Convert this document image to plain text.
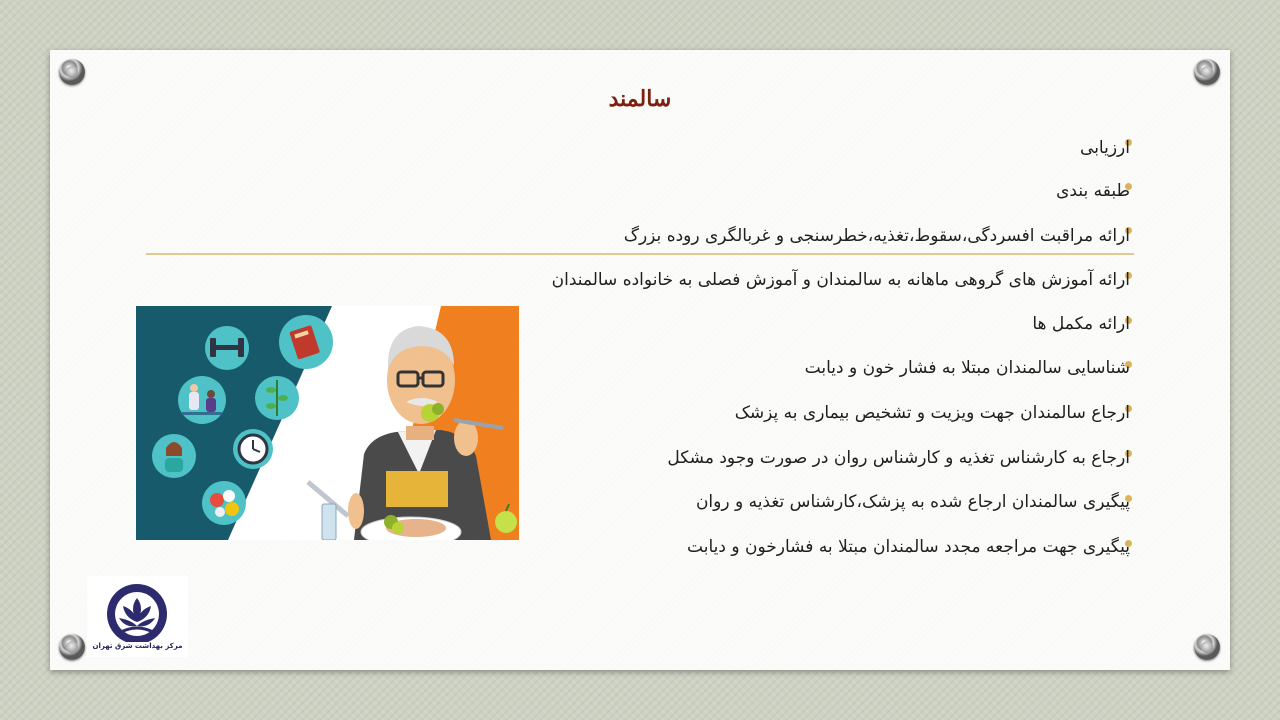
سالمند
ارزیابی
طبقه بندی
ارائه مراقبت افسردگی،سقوط،تغذیه،خطرسنجی و غربالگری روده بزرگ
ارائه آموزش های گروهی ماهانه به سالمندان و آموزش فصلی به خانواده سالمندان
ارائه مکمل ها
شناسایی سالمندان مبتلا به فشار خون و دیابت
ارجاع سالمندان جهت ویزیت و تشخیص بیماری به پزشک
ارجاع به کارشناس تغذیه و کارشناس روان در صورت وجود مشکل
پیگیری سالمندان ارجاع شده به پزشک،کارشناس تغذیه و روان
پیگیری جهت مراجعه مجدد سالمندان مبتلا به فشارخون و دیابت
مرکز بهداشت شرق تهران
